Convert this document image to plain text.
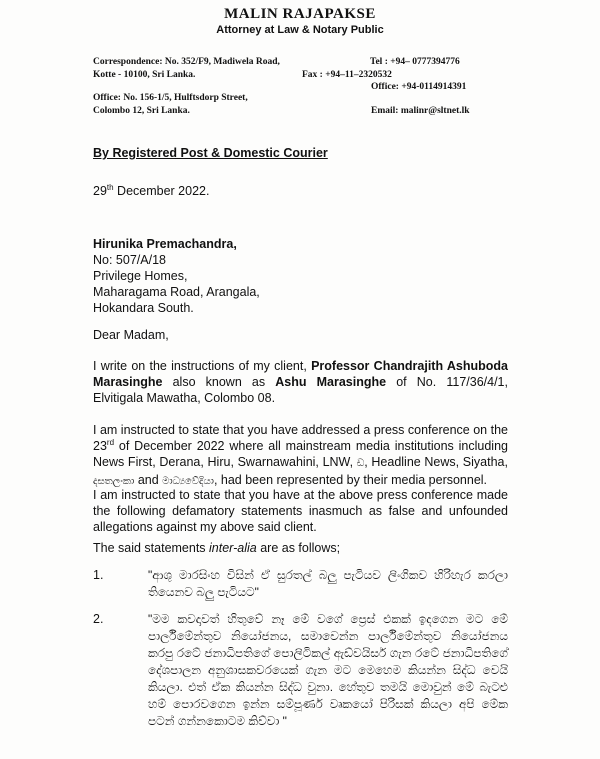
MALIN RAJAPAKSE
Attorney at Law & Notary Public
Correspondence: No. 352/F9, Madiwela Road,
Kotte - 10100, Sri Lanka.
Office: No. 156-1/5, Hulftsdorp Street,
Colombo 12, Sri Lanka.
Tel : +94– 0777394776
Fax : +94–11–2320532
Office: +94-0114914391
Email: malinr@sltnet.lk
By Registered Post & Domestic Courier
29th December 2022.
Hirunika Premachandra,
No: 507/A/18
Privilege Homes,
Maharagama Road, Arangala,
Hokandara South.
Dear Madam,
I write on the instructions of my client, Professor Chandrajith Ashuboda Marasinghe also known as Ashu Marasinghe of No. 117/36/4/1, Elvitigala Mawatha, Colombo 08.
I am instructed to state that you have addressed a press conference on the 23rd of December 2022 where all mainstream media institutions including News First, Derana, Hiru, Swarnawahini, LNW, ඩ, Headline News, Siyatha, දසතලංකා and මාධ්‍යවේදියා, had been represented by their media personnel.
I am instructed to state that you have at the above press conference made the following defamatory statements inasmuch as false and unfounded allegations against my above said client.
The said statements inter-alia are as follows;
1.	"ආශු මාරසිංහ විසින් ඒ සුරතල් බලු පැටියව ලිංගිකව හිරිහැර කරලා තියෙනව බලු පැටියට"
2.	"මම කවදාවත් හිතුවේ නෑ මේ වගේ ප්‍රෙස් එකක් ඉදගෙන මට මේ පාර්ලිමේන්තුව නියෝජනය, සමාවෙන්න පාර්ලිමේන්තුව නියෝජනය කරපු රටේ ජනාධිපතිගේ පොලිටිකල් ඇඩ්වයිසර් ගැන රටේ ජනාධිපතිගේ දේශපාලන අනුශාසකවරයෙක් ගැන මට මෙහෙම කියන්න සිද්ධ වෙයි කියලා. එත් ඒක කියන්න සිද්ධ වුනා. හේතුව තමයි මොවුන් මේ බැටළු හම් පොරවගෙන ඉන්න සම්පූර්ණ වෘකයෝ පිරිසක් කියලා අපි මේක පටන් ගන්නකොටම කිව්වා "
